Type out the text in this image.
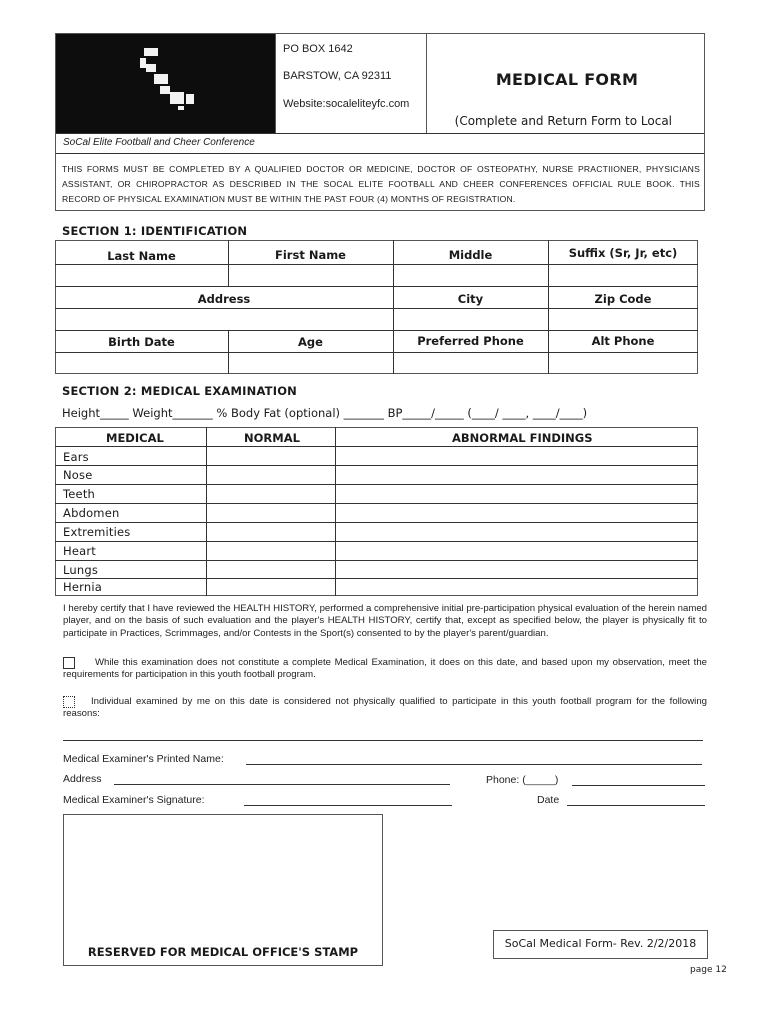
PO BOX 1642
BARSTOW, CA 92311
Website:socaleliteyfc.com
MEDICAL FORM
(Complete and Return Form to Local
SoCal Elite Football and Cheer Conference
THIS FORMS MUST BE COMPLETED BY A QUALIFIED DOCTOR OR MEDICINE, DOCTOR OF OSTEOPATHY, NURSE PRACTIIONER, PHYSICIANS ASSISTANT, OR CHIROPRACTOR AS DESCRIBED IN THE SOCAL ELITE FOOTBALL AND CHEER CONFERENCES OFFICIAL RULE BOOK. THIS RECORD OF PHYSICAL EXAMINATION MUST BE WITHIN THE PAST FOUR (4) MONTHS OF REGISTRATION.
SECTION 1: IDENTIFICATION
Last Name	First Name	Middle	Suffix (Sr, Jr, etc)
Address	City	Zip Code
Birth Date	Age	Preferred Phone	Alt Phone
SECTION 2: MEDICAL EXAMINATION
Height_____ Weight_______ % Body Fat (optional) _______ BP_____/_____ (____/ ____, ____/____)
MEDICAL	NORMAL	ABNORMAL FINDINGS
Ears
Nose
Teeth
Abdomen
Extremities
Heart
Lungs
Hernia
I hereby certify that I have reviewed the HEALTH HISTORY, performed a comprehensive initial pre-participation physical evaluation of the herein named player, and on the basis of such evaluation and the player's HEALTH HISTORY, certify that, except as specified below, the player is physically fit to participate in Practices, Scrimmages, and/or Contests in the Sport(s) consented to by the player's parent/guardian.
While this examination does not constitute a complete Medical Examination, it does on this date, and based upon my observation, meet the requirements for participation in this youth football program.
Individual examined by me on this date is considered not physically qualified to participate in this youth football program for the following reasons:
Medical Examiner's Printed Name:
Address	Phone: (_____)
Medical Examiner's Signature:	Date
RESERVED FOR MEDICAL OFFICE'S STAMP
SoCal Medical Form- Rev. 2/2/2018
page 12
